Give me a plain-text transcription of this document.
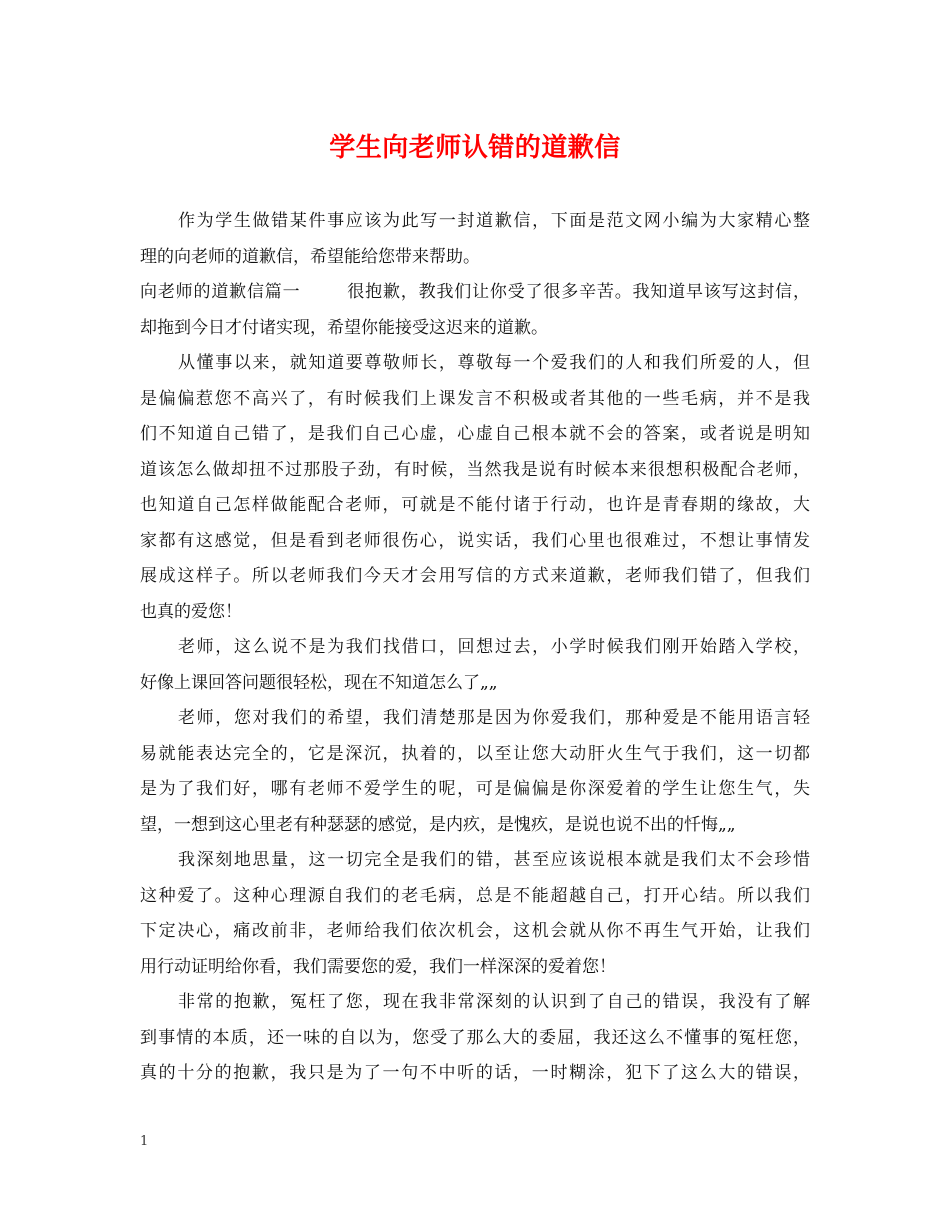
学生向老师认错的道歉信
作为学生做错某件事应该为此写一封道歉信，下面是范文网小编为大家精心整
理的向老师的道歉信，希望能给您带来帮助。
向老师的道歉信篇一	很抱歉，教我们让你受了很多辛苦。我知道早该写这封信，
却拖到今日才付诸实现，希望你能接受这迟来的道歉。
从懂事以来，就知道要尊敬师长，尊敬每一个爱我们的人和我们所爱的人，但
是偏偏惹您不高兴了，有时候我们上课发言不积极或者其他的一些毛病，并不是我
们不知道自己错了，是我们自己心虚，心虚自己根本就不会的答案，或者说是明知
道该怎么做却扭不过那股子劲，有时候，当然我是说有时候本来很想积极配合老师，
也知道自己怎样做能配合老师，可就是不能付诸于行动，也许是青春期的缘故，大
家都有这感觉，但是看到老师很伤心，说实话，我们心里也很难过，不想让事情发
展成这样子。所以老师我们今天才会用写信的方式来道歉，老师我们错了，但我们
也真的爱您！
老师，这么说不是为我们找借口，回想过去，小学时候我们刚开始踏入学校，
好像上课回答问题很轻松，现在不知道怎么了„„
老师，您对我们的希望，我们清楚那是因为你爱我们，那种爱是不能用语言轻
易就能表达完全的，它是深沉，执着的，以至让您大动肝火生气于我们，这一切都
是为了我们好，哪有老师不爱学生的呢，可是偏偏是你深爱着的学生让您生气，失
望，一想到这心里老有种瑟瑟的感觉，是内疚，是愧疚，是说也说不出的忏悔„„
我深刻地思量，这一切完全是我们的错，甚至应该说根本就是我们太不会珍惜
这种爱了。这种心理源自我们的老毛病，总是不能超越自己，打开心结。所以我们
下定决心，痛改前非，老师给我们依次机会，这机会就从你不再生气开始，让我们
用行动证明给你看，我们需要您的爱，我们一样深深的爱着您！
非常的抱歉，冤枉了您，现在我非常深刻的认识到了自己的错误，我没有了解
到事情的本质，还一味的自以为，您受了那么大的委屈，我还这么不懂事的冤枉您，
真的十分的抱歉，我只是为了一句不中听的话，一时糊涂，犯下了这么大的错误，
1
